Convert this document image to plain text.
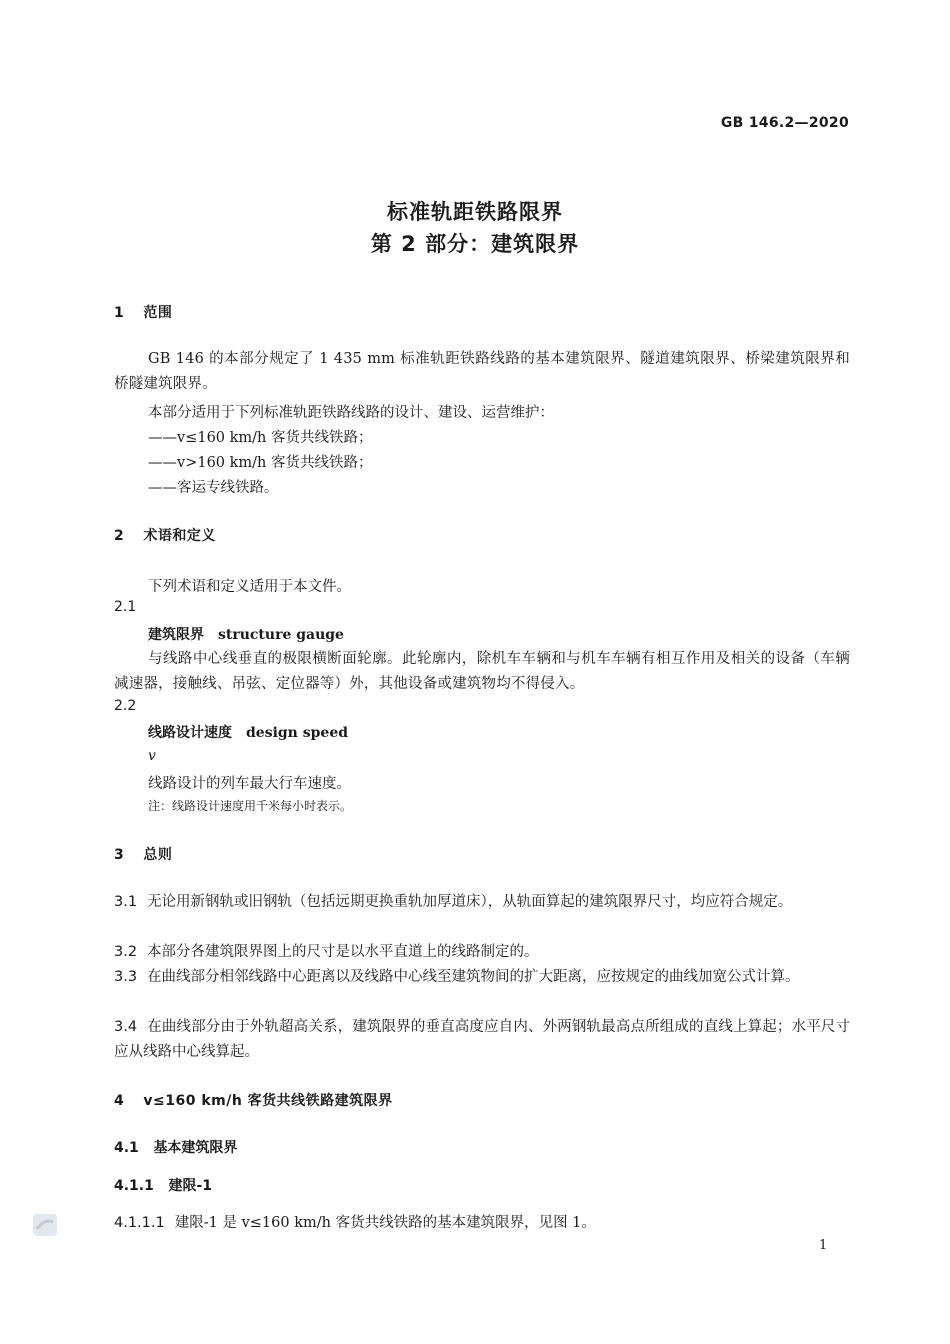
GB 146.2—2020
标准轨距铁路限界
第 2 部分：建筑限界
1 范围
GB 146 的本部分规定了 1 435 mm 标准轨距铁路线路的基本建筑限界、隧道建筑限界、桥梁建筑限界和桥隧建筑限界。
本部分适用于下列标准轨距铁路线路的设计、建设、运营维护：
——v≤160 km/h 客货共线铁路；
——v>160 km/h 客货共线铁路；
——客运专线铁路。
2 术语和定义
下列术语和定义适用于本文件。
2.1
建筑限界 structure gauge
与线路中心线垂直的极限横断面轮廓。此轮廓内，除机车车辆和与机车车辆有相互作用及相关的设备（车辆减速器，接触线、吊弦、定位器等）外，其他设备或建筑物均不得侵入。
2.2
线路设计速度 design speed
v
线路设计的列车最大行车速度。
注：线路设计速度用千米每小时表示。
3 总则
3.1 无论用新钢轨或旧钢轨（包括远期更换重轨加厚道床），从轨面算起的建筑限界尺寸，均应符合规定。
3.2 本部分各建筑限界图上的尺寸是以水平直道上的线路制定的。
3.3 在曲线部分相邻线路中心距离以及线路中心线至建筑物间的扩大距离，应按规定的曲线加宽公式计算。
3.4 在曲线部分由于外轨超高关系，建筑限界的垂直高度应自内、外两钢轨最高点所组成的直线上算起；水平尺寸应从线路中心线算起。
4 v≤160 km/h 客货共线铁路建筑限界
4.1 基本建筑限界
4.1.1 建限-1
4.1.1.1 建限-1 是 v≤160 km/h 客货共线铁路的基本建筑限界，见图 1。
1
